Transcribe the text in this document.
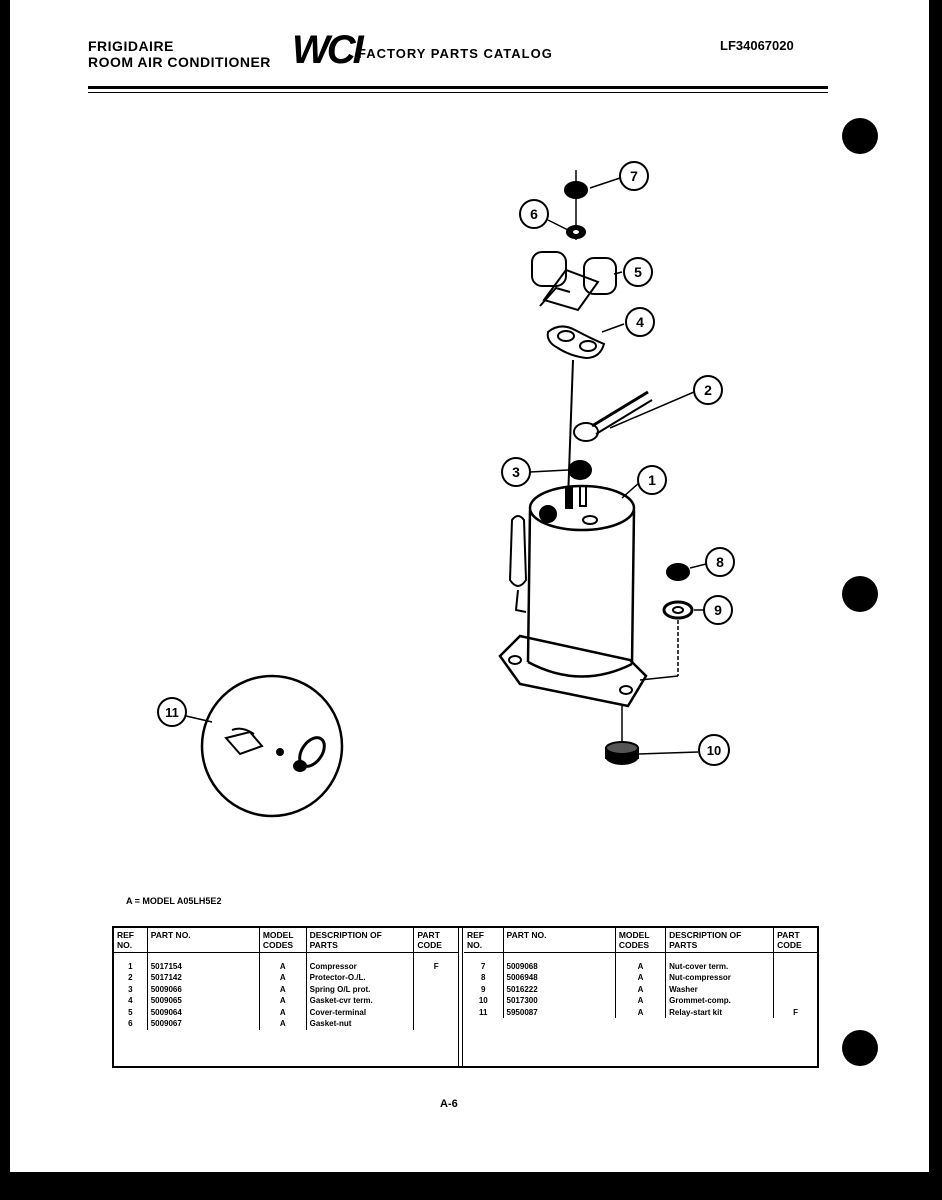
FRIGIDAIRE
ROOM AIR CONDITIONER WCI
FACTORY PARTS CATALOG
LF34067020
1
2
3
4
5
6
7
8
9
10
11
A = MODEL A05LH5E2
REF NO.	PART NO.	MODEL CODES	DESCRIPTION OF PARTS	PART CODE

1	5017154	A	Compressor	F
2	5017142	A	Protector-O./L.	
3	5009066	A	Spring O/L prot.	
4	5009065	A	Gasket-cvr term.	
5	5009064	A	Cover-terminal	
6	5009067	A	Gasket-nut	
REF NO.	PART NO.	MODEL CODES	DESCRIPTION OF PARTS	PART CODE

7	5009068	A	Nut-cover term.	
8	5006948	A	Nut-compressor	
9	5016222	A	Washer	
10	5017300	A	Grommet-comp.	
11	5950087	A	Relay-start kit	F
A-6
